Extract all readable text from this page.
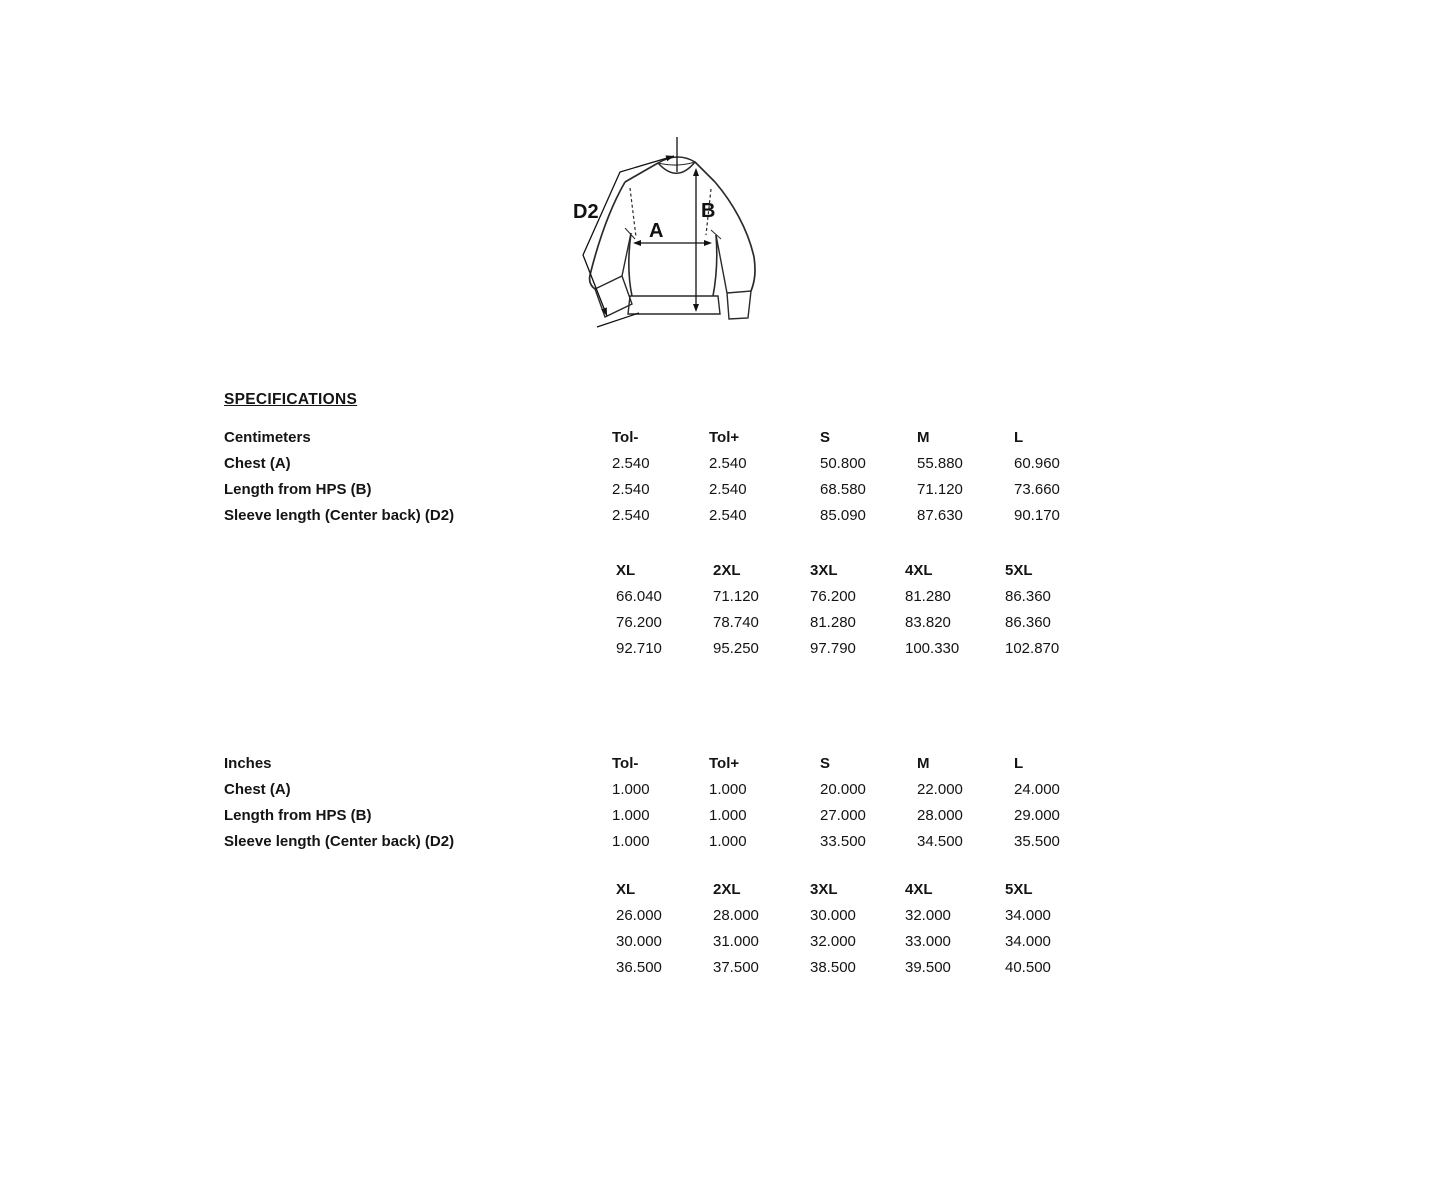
D2	B
A
SPECIFICATIONS
Centimeters
Chest (A)
Length from HPS (B)
Sleeve length (Center back) (D2)
Tol-
2.540
2.540
2.540
Tol+
2.540
2.540
2.540
S
50.800
68.580
85.090
M
55.880
71.120
87.630
L
60.960
73.660
90.170
XL
66.040
76.200
92.710
2XL
71.120
78.740
95.250
3XL
76.200
81.280
97.790
4XL
81.280
83.820
100.330
5XL
86.360
86.360
102.870
Inches
Chest (A)
Length from HPS (B)
Sleeve length (Center back) (D2)
Tol-
1.000
1.000
1.000
Tol+
1.000
1.000
1.000
S
20.000
27.000
33.500
M
22.000
28.000
34.500
L
24.000
29.000
35.500
XL
26.000
30.000
36.500
2XL
28.000
31.000
37.500
3XL
30.000
32.000
38.500
4XL
32.000
33.000
39.500
5XL
34.000
34.000
40.500
